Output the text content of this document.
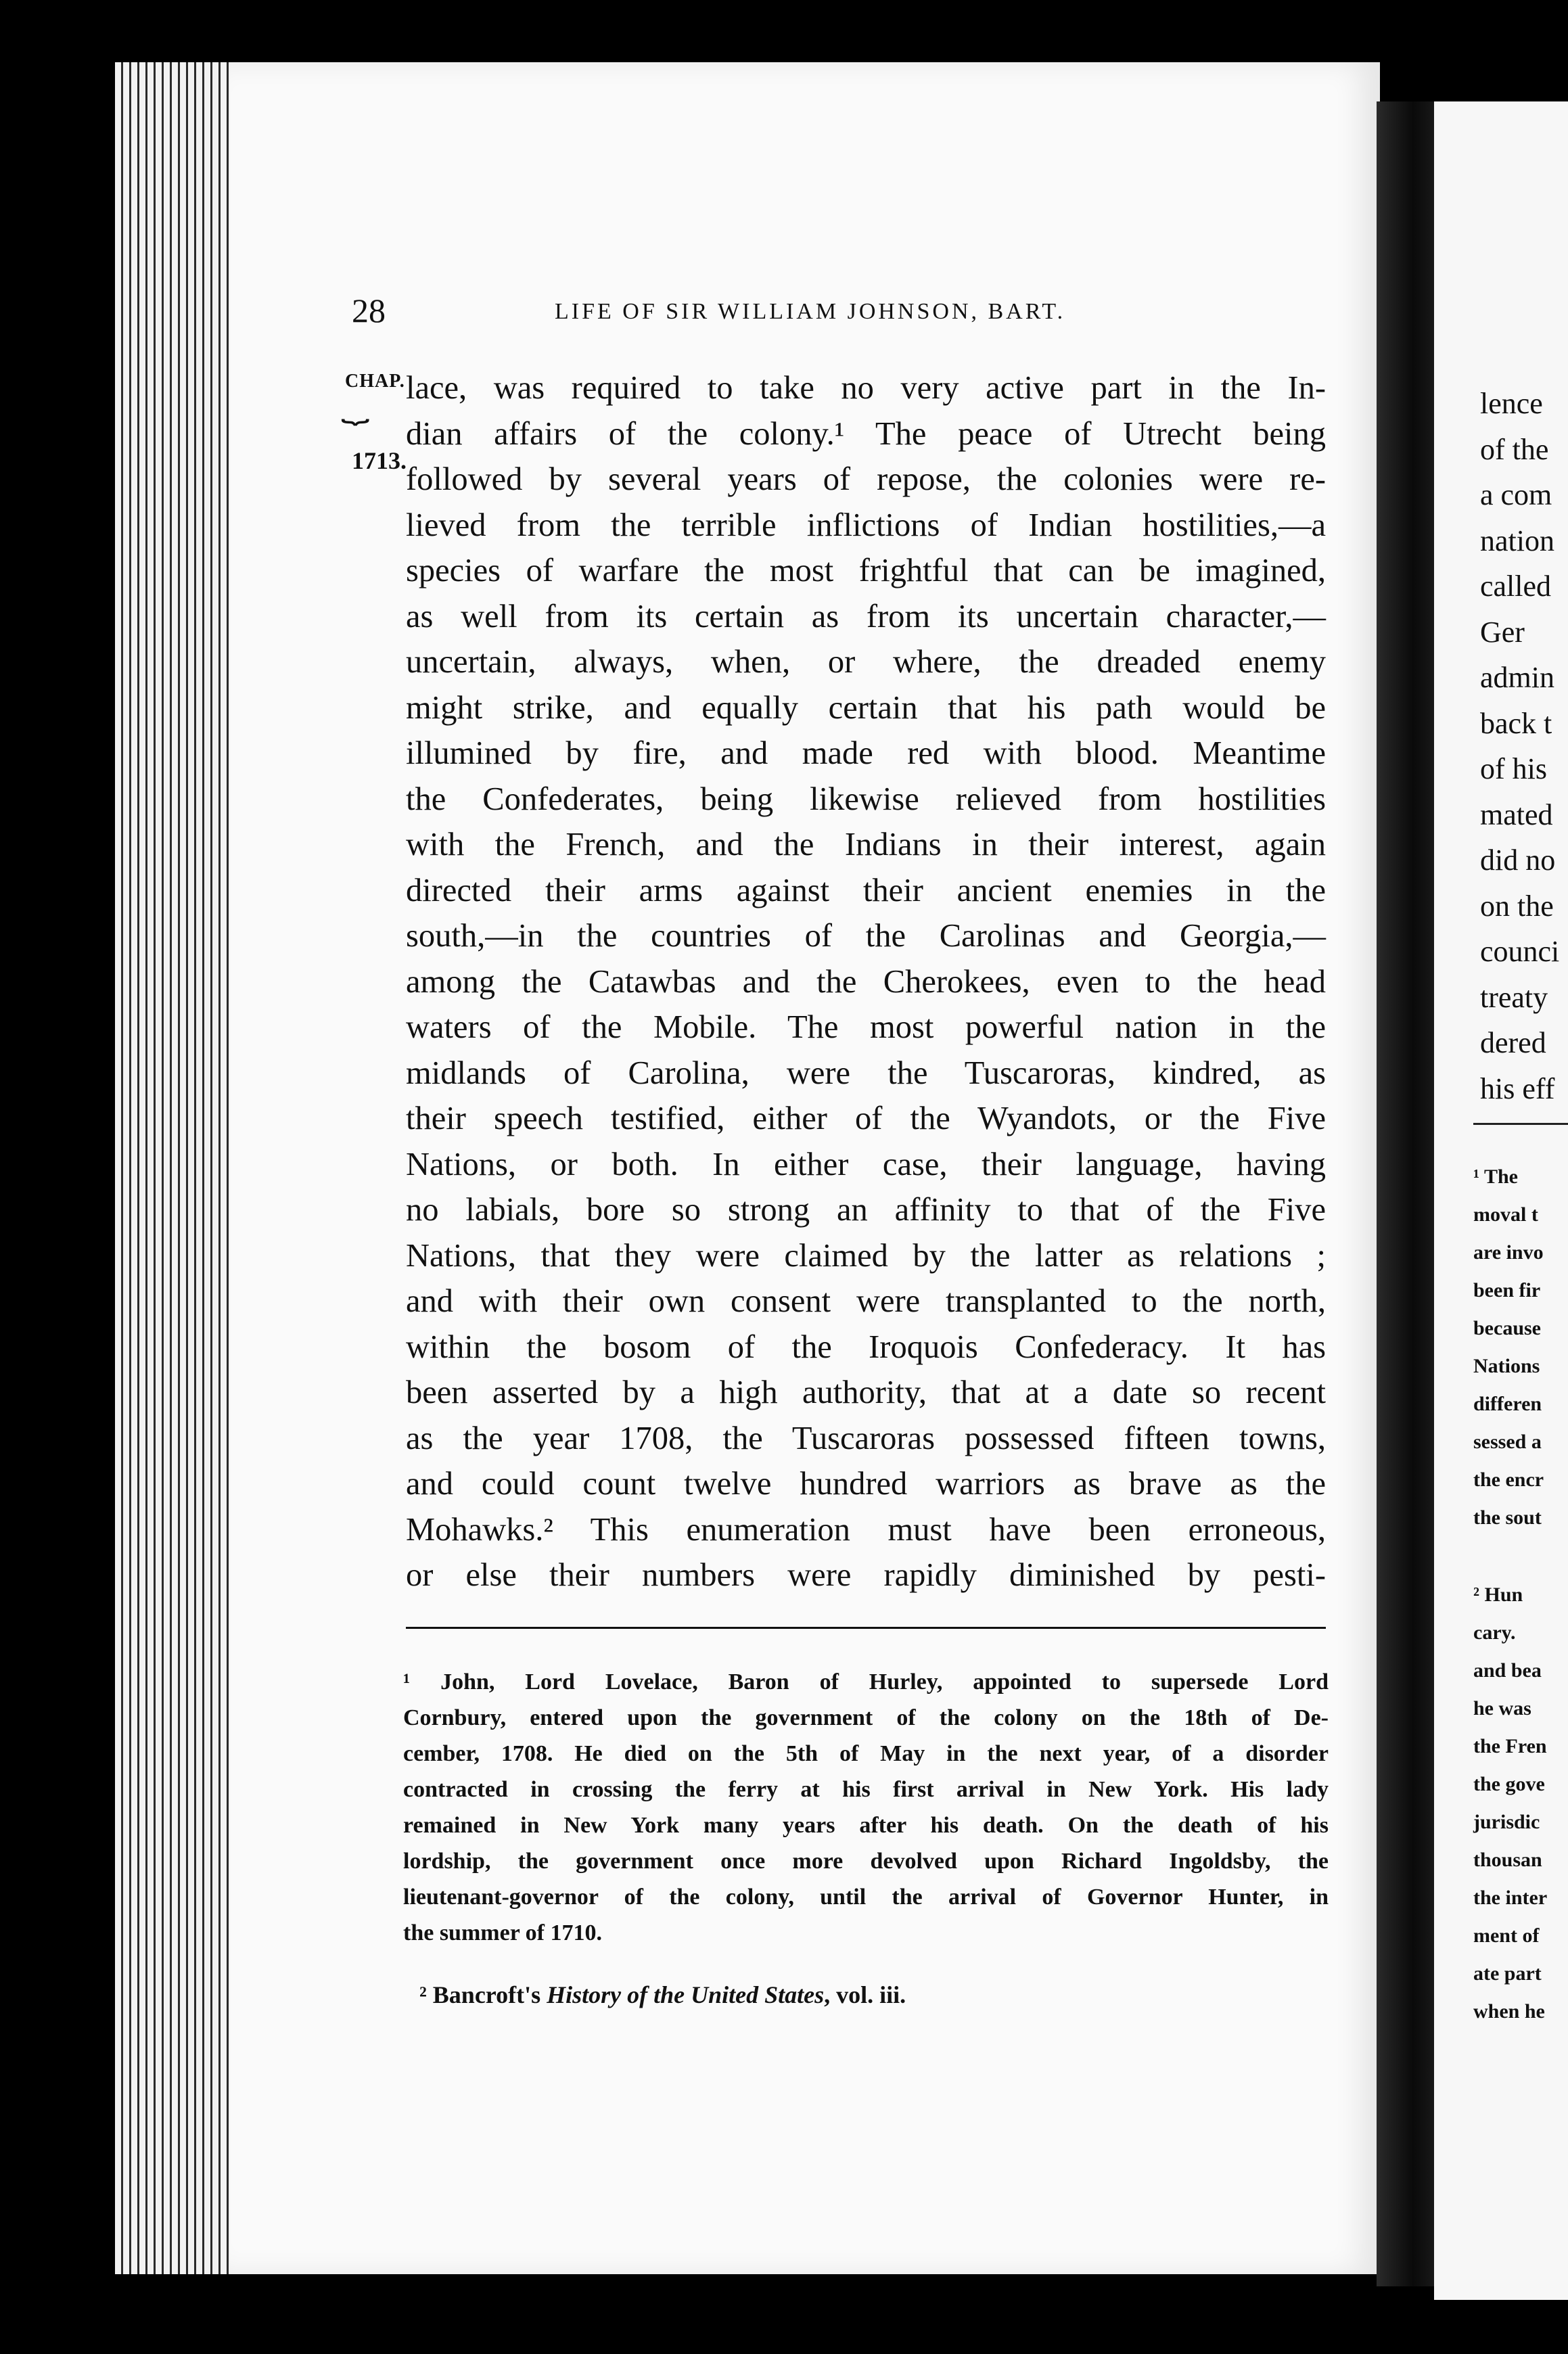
lence
of the
a com
nation
called
Ger
admin
back t
of his
mated
did no
on the
counci
treaty
dered
his eff
¹ The
moval t
are invo
been fir
because
Nations
differen
sessed a
the encr
the sout
² Hun
cary.
and bea
he was
the Fren
the gove
jurisdic
thousan
the inter
ment of
ate part
when he
28	LIFE OF SIR WILLIAM JOHNSON, BART.
CHAP.
⏟
1713.
lace, was required to take no very active part in the In-
dian affairs of the colony.¹ The peace of Utrecht being
followed by several years of repose, the colonies were re-
lieved from the terrible inflictions of Indian hostilities,—a
species of warfare the most frightful that can be imagined,
as well from its certain as from its uncertain character,—
uncertain, always, when, or where, the dreaded enemy
might strike, and equally certain that his path would be
illumined by fire, and made red with blood. Meantime
the Confederates, being likewise relieved from hostilities
with the French, and the Indians in their interest, again
directed their arms against their ancient enemies in the
south,—in the countries of the Carolinas and Georgia,—
among the Catawbas and the Cherokees, even to the head
waters of the Mobile. The most powerful nation in the
midlands of Carolina, were the Tuscaroras, kindred, as
their speech testified, either of the Wyandots, or the Five
Nations, or both. In either case, their language, having
no labials, bore so strong an affinity to that of the Five
Nations, that they were claimed by the latter as relations ;
and with their own consent were transplanted to the north,
within the bosom of the Iroquois Confederacy. It has
been asserted by a high authority, that at a date so recent
as the year 1708, the Tuscaroras possessed fifteen towns,
and could count twelve hundred warriors as brave as the
Mohawks.² This enumeration must have been erroneous,
or else their numbers were rapidly diminished by pesti-
¹ John, Lord Lovelace, Baron of Hurley, appointed to supersede Lord
Cornbury, entered upon the government of the colony on the 18th of De-
cember, 1708. He died on the 5th of May in the next year, of a disorder
contracted in crossing the ferry at his first arrival in New York. His lady
remained in New York many years after his death. On the death of his
lordship, the government once more devolved upon Richard Ingoldsby, the
lieutenant-governor of the colony, until the arrival of Governor Hunter, in
the summer of 1710.
² Bancroft's History of the United States, vol. iii.
